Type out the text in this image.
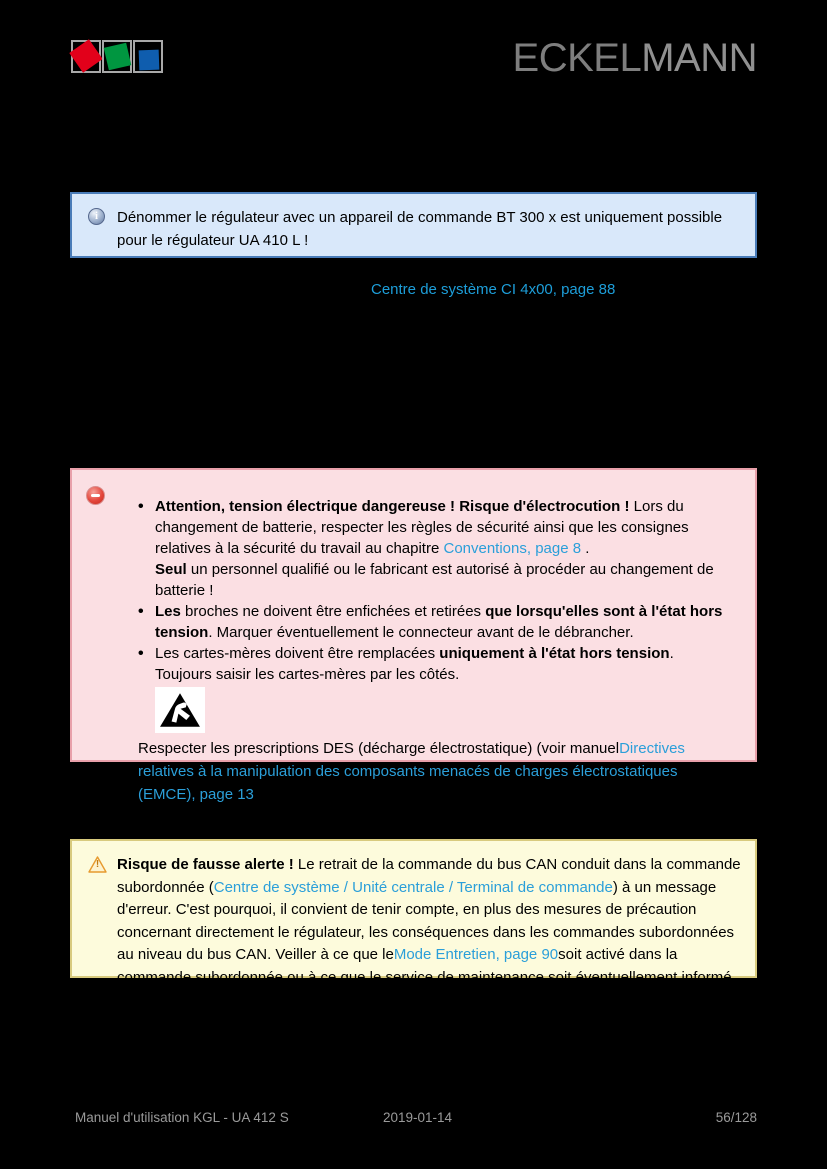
ECKELMANN
i	Dénommer le régulateur avec un appareil de commande BT 300 x est uniquement possible pour le régulateur UA 410 L !
Centre de système CI 4x00, page 88
• Attention, tension électrique dangereuse ! Risque d'électrocution ! Lors du changement de batterie, respecter les règles de sécurité ainsi que les consignes relatives à la sécurité du travail au chapitre Conventions, page 8 .
Seul un personnel qualifié ou le fabricant est autorisé à procéder au changement de batterie !
• Les broches ne doivent être enfichées et retirées que lorsqu'elles sont à l'état hors tension. Marquer éventuellement le connecteur avant de le débrancher.
• Les cartes-mères doivent être remplacées uniquement à l'état hors tension. Toujours saisir les cartes-mères par les côtés.
Respecter les prescriptions DES (décharge électrostatique) (voir manuelDirectives relatives à la manipulation des composants menacés de charges électrostatiques (EMCE), page 13) !
!	Risque de fausse alerte ! Le retrait de la commande du bus CAN conduit dans la commande subordonnée (Centre de système / Unité centrale / Terminal de commande) à un message d'erreur. C'est pourquoi, il convient de tenir compte, en plus des mesures de précaution concernant directement le régulateur, les conséquences dans les commandes subordonnées au niveau du bus CAN. Veiller à ce que leMode Entretien, page 90soit activé dans la commande subordonnée ou à ce que le service de maintenance soit éventuellement informé au préalable.
Manuel d'utilisation KGL - UA 412 S	2019-01-14	56/128
